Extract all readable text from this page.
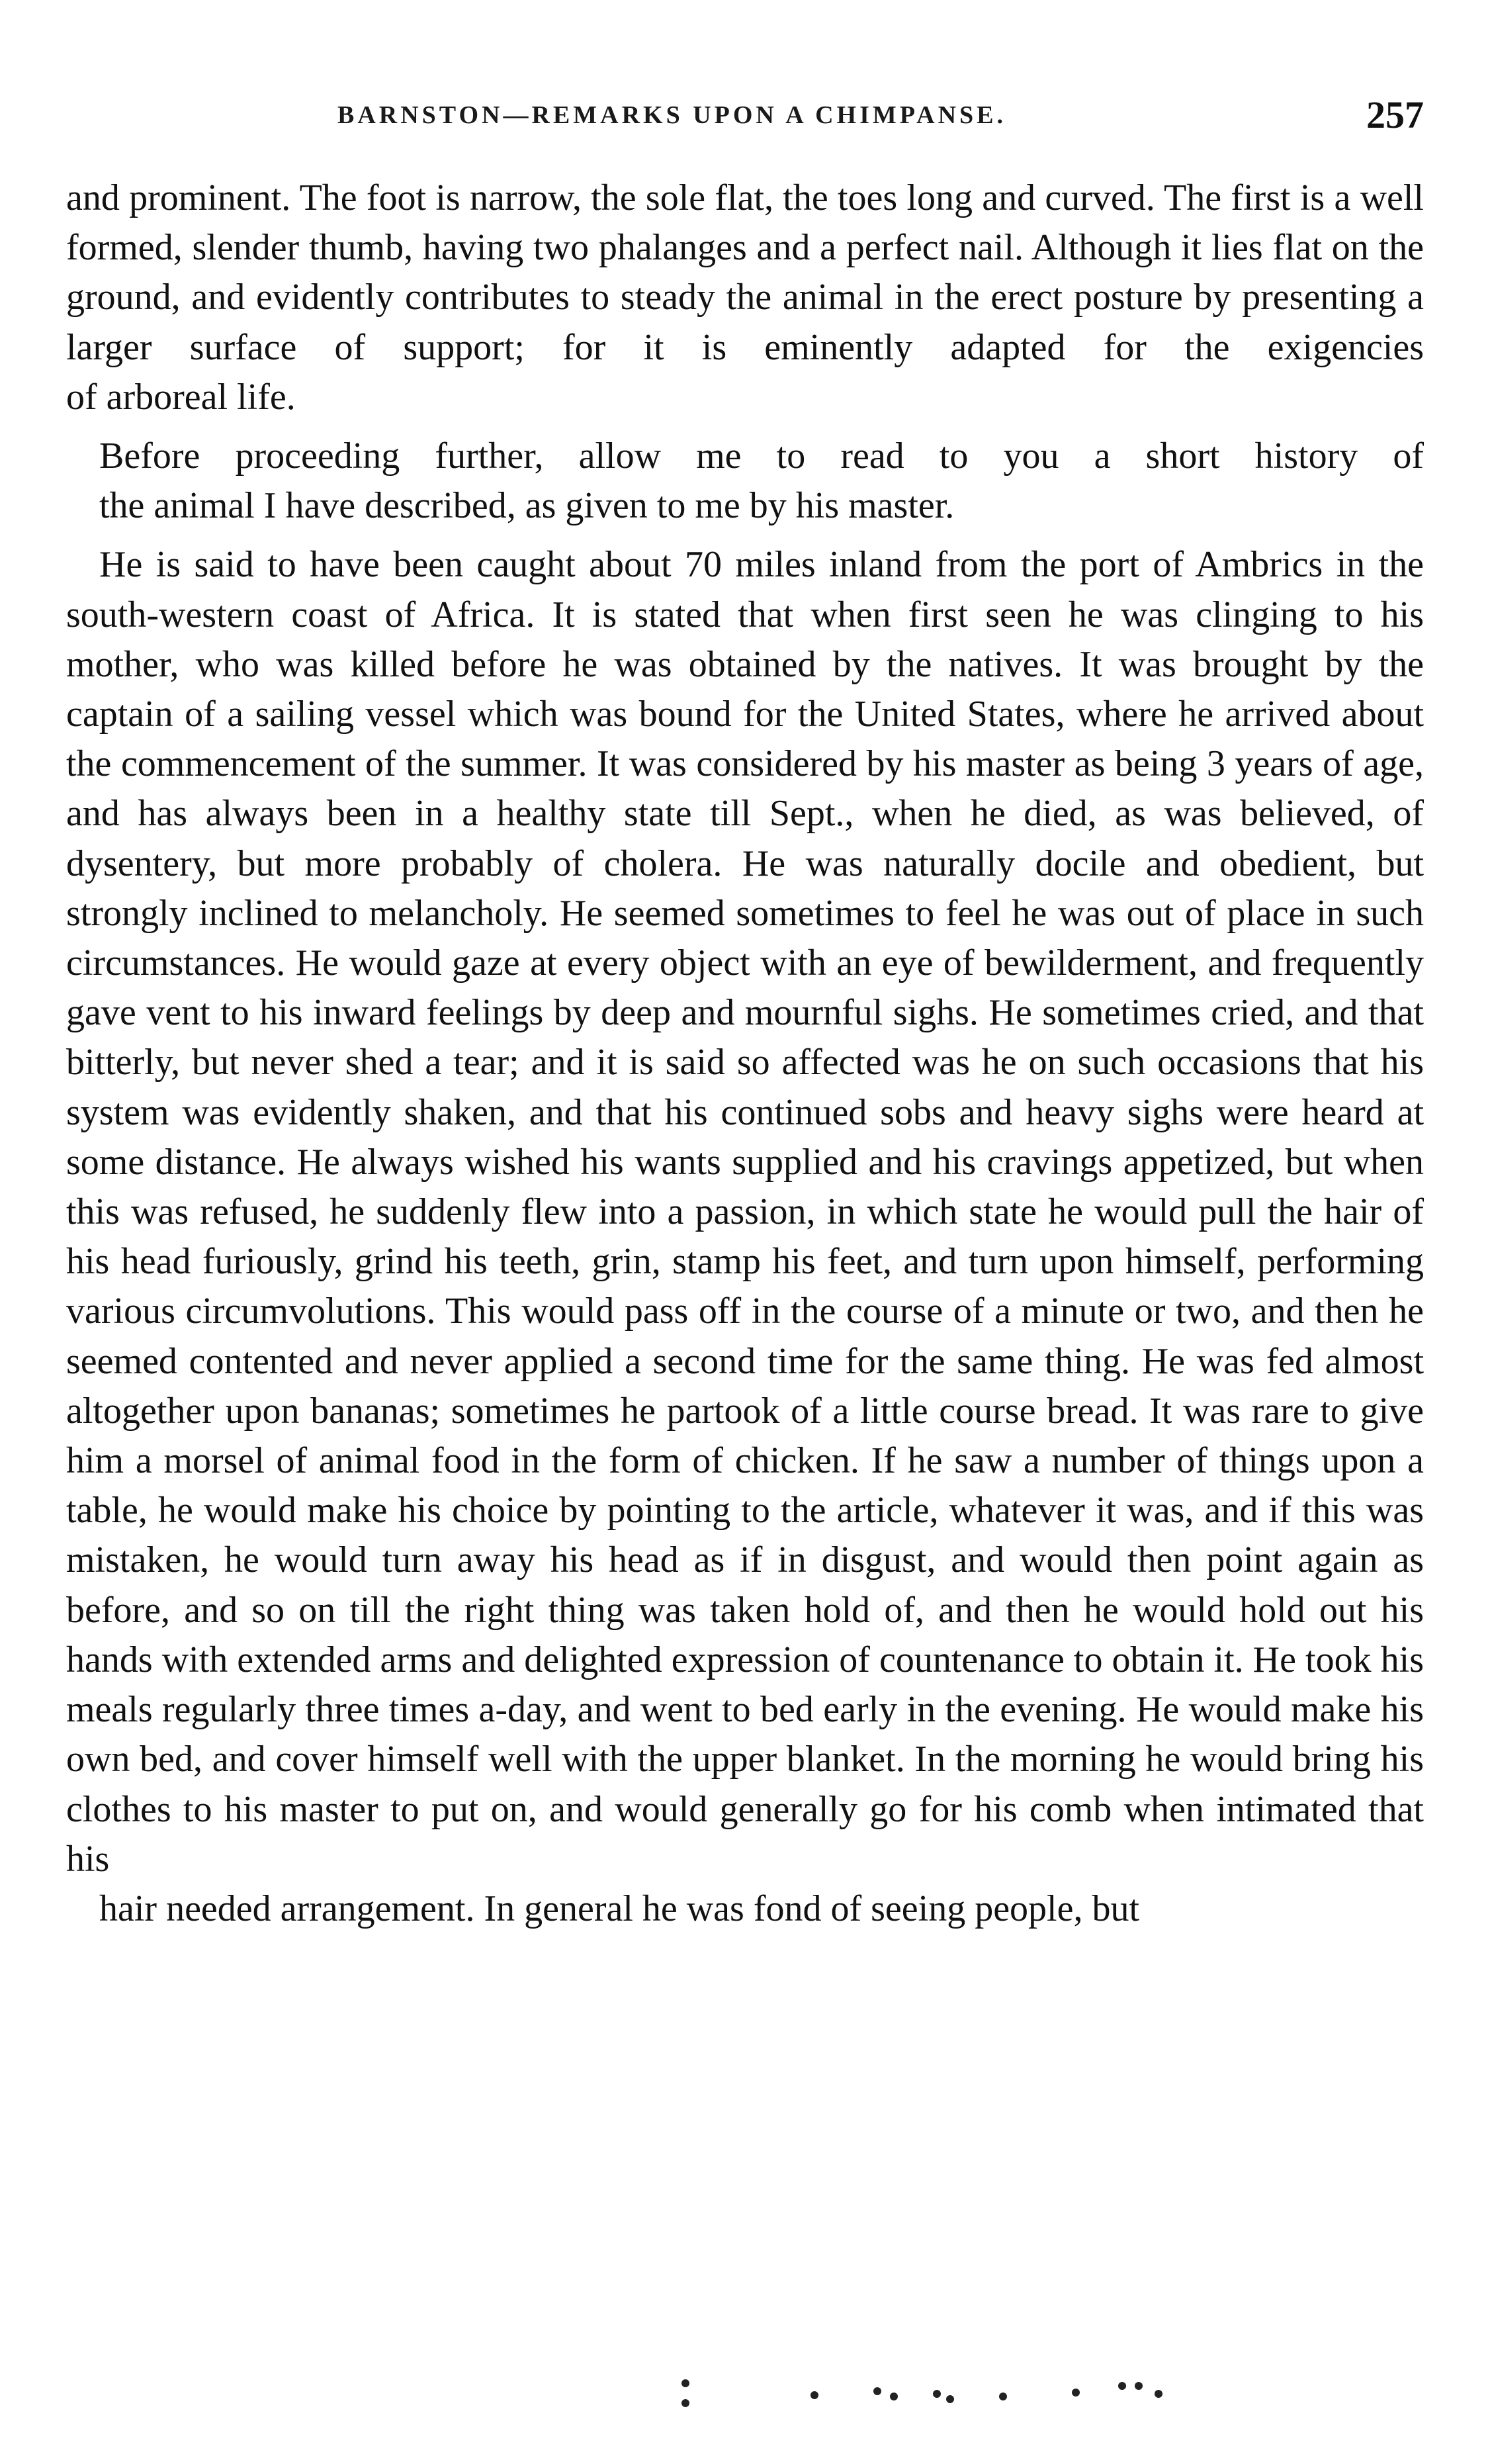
BARNSTON—REMARKS UPON A CHIMPANSE.	257

and prominent. The foot is narrow, the sole flat, the toes long and curved. The first is a well formed, slender thumb, having two phalanges and a perfect nail. Although it lies flat on the ground, and evidently contributes to steady the animal in the erect posture by presenting a larger surface of support; for it is eminently adapted for the exigencies
of arboreal life.

Before proceeding further, allow me to read to you a short history of
the animal I have described, as given to me by his master.

He is said to have been caught about 70 miles inland from the port of Ambrics in the south-western coast of Africa. It is stated that when first seen he was clinging to his mother, who was killed before he was obtained by the natives. It was brought by the captain of a sailing vessel which was bound for the United States, where he arrived about the commencement of the summer. It was considered by his master as being 3 years of age, and has always been in a healthy state till Sept., when he died, as was believed, of dysentery, but more probably of cholera. He was naturally docile and obedient, but strongly inclined to melancholy. He seemed sometimes to feel he was out of place in such circumstances. He would gaze at every object with an eye of bewilderment, and frequently gave vent to his inward feelings by deep and mournful sighs. He sometimes cried, and that bitterly, but never shed a tear; and it is said so affected was he on such occasions that his system was evidently shaken, and that his continued sobs and heavy sighs were heard at some distance. He always wished his wants supplied and his cravings appetized, but when this was refused, he suddenly flew into a passion, in which state he would pull the hair of his head furiously, grind his teeth, grin, stamp his feet, and turn upon himself, performing various circumvolutions. This would pass off in the course of a minute or two, and then he seemed contented and never applied a second time for the same thing. He was fed almost altogether upon bananas; sometimes he partook of a little course bread. It was rare to give him a morsel of animal food in the form of chicken. If he saw a number of things upon a table, he would make his choice by pointing to the article, whatever it was, and if this was mistaken, he would turn away his head as if in disgust, and would then point again as before, and so on till the right thing was taken hold of, and then he would hold out his hands with extended arms and delighted expression of countenance to obtain it. He took his meals regularly three times a-day, and went to bed early in the evening. He would make his own bed, and cover himself well with the upper blanket. In the morning he would bring his clothes to his master to put on, and would generally go for his comb when intimated that his
hair needed arrangement. In general he was fond of seeing people, but
